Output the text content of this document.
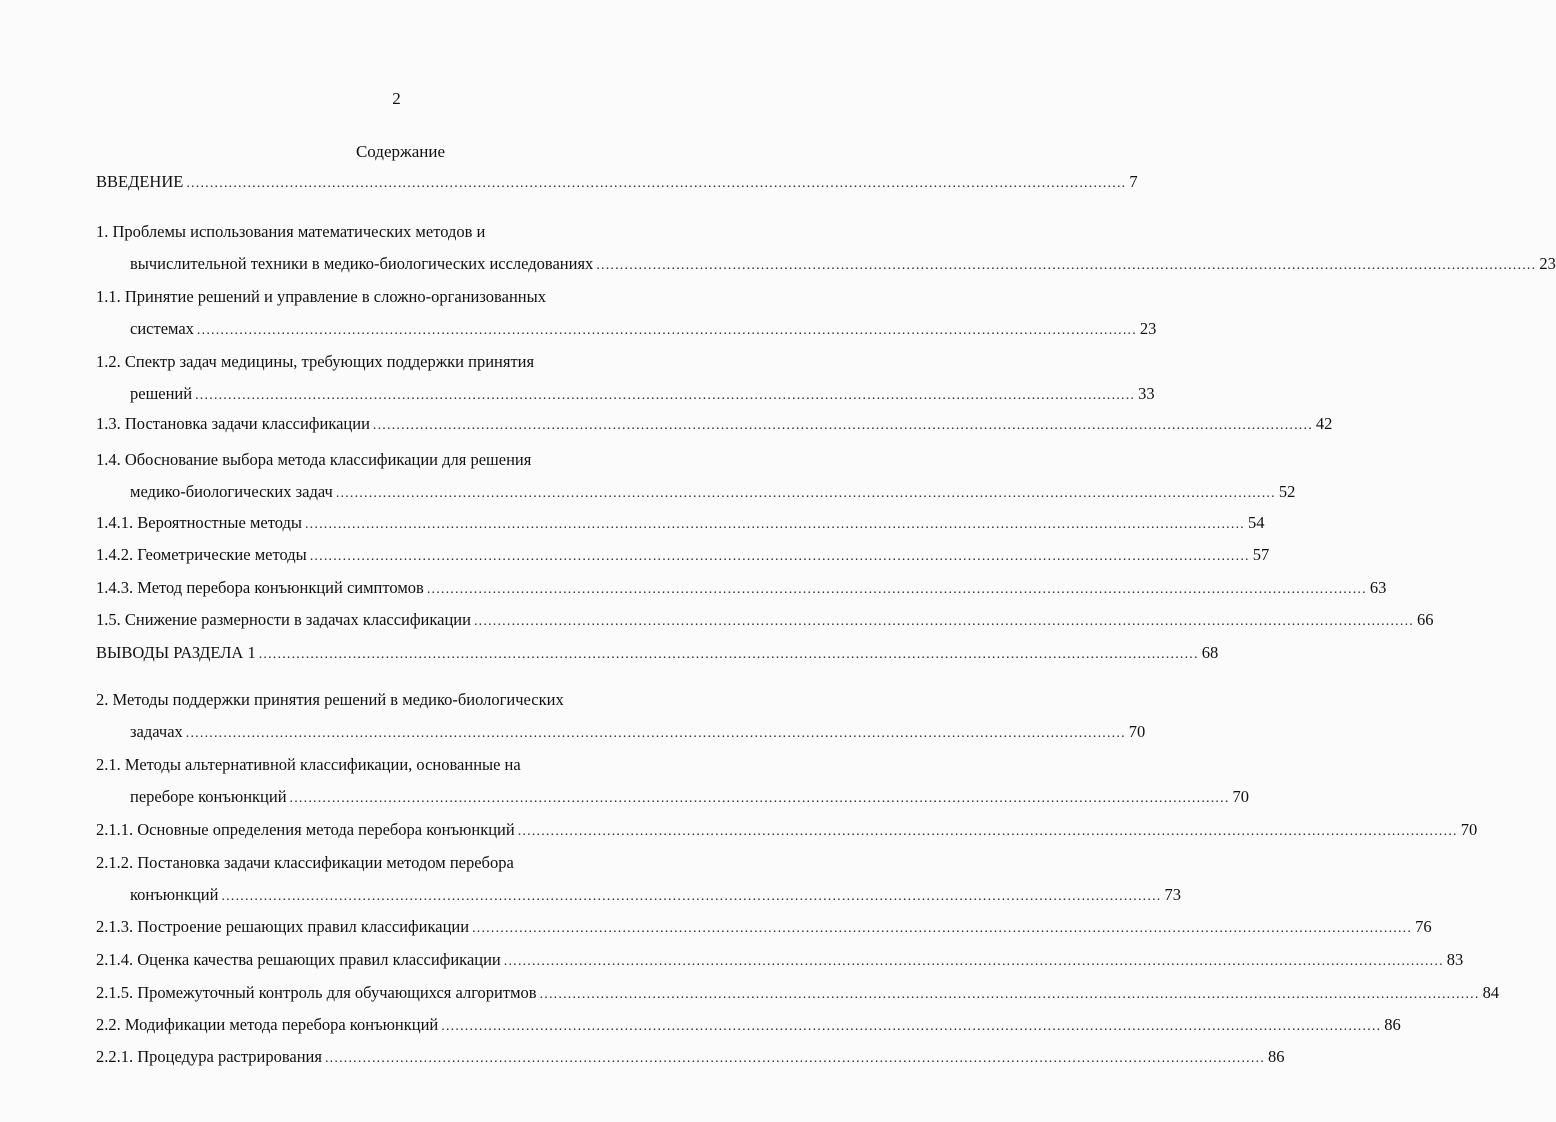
2
Содержание
ВВЕДЕНИЕ ........................................................................................................................................................................................................ 7
1. Проблемы использования математических методов и
вычислительной техники в медико-биологических исследованиях ........................................................................................................................................................................................................ 23
1.1. Принятие решений и управление в сложно-организованных
системах ........................................................................................................................................................................................................ 23
1.2. Спектр задач медицины, требующих поддержки принятия
решений ........................................................................................................................................................................................................ 33
1.3. Постановка задачи классификации ........................................................................................................................................................................................................ 42
1.4. Обоснование выбора метода классификации для решения
медико-биологических задач ........................................................................................................................................................................................................ 52
1.4.1. Вероятностные методы ........................................................................................................................................................................................................ 54
1.4.2. Геометрические методы ........................................................................................................................................................................................................ 57
1.4.3. Метод перебора конъюнкций симптомов ........................................................................................................................................................................................................ 63
1.5. Снижение размерности в задачах классификации ........................................................................................................................................................................................................ 66
ВЫВОДЫ РАЗДЕЛА 1 ........................................................................................................................................................................................................ 68
2. Методы поддержки принятия решений в медико-биологических
задачах ........................................................................................................................................................................................................ 70
2.1. Методы альтернативной классификации, основанные на
переборе конъюнкций ........................................................................................................................................................................................................ 70
2.1.1. Основные определения метода перебора конъюнкций ........................................................................................................................................................................................................ 70
2.1.2. Постановка задачи классификации методом перебора
конъюнкций ........................................................................................................................................................................................................ 73
2.1.3. Построение решающих правил классификации ........................................................................................................................................................................................................ 76
2.1.4. Оценка качества решающих правил классификации ........................................................................................................................................................................................................ 83
2.1.5. Промежуточный контроль для обучающихся алгоритмов ........................................................................................................................................................................................................ 84
2.2. Модификации метода перебора конъюнкций ........................................................................................................................................................................................................ 86
2.2.1. Процедура растрирования ........................................................................................................................................................................................................ 86
